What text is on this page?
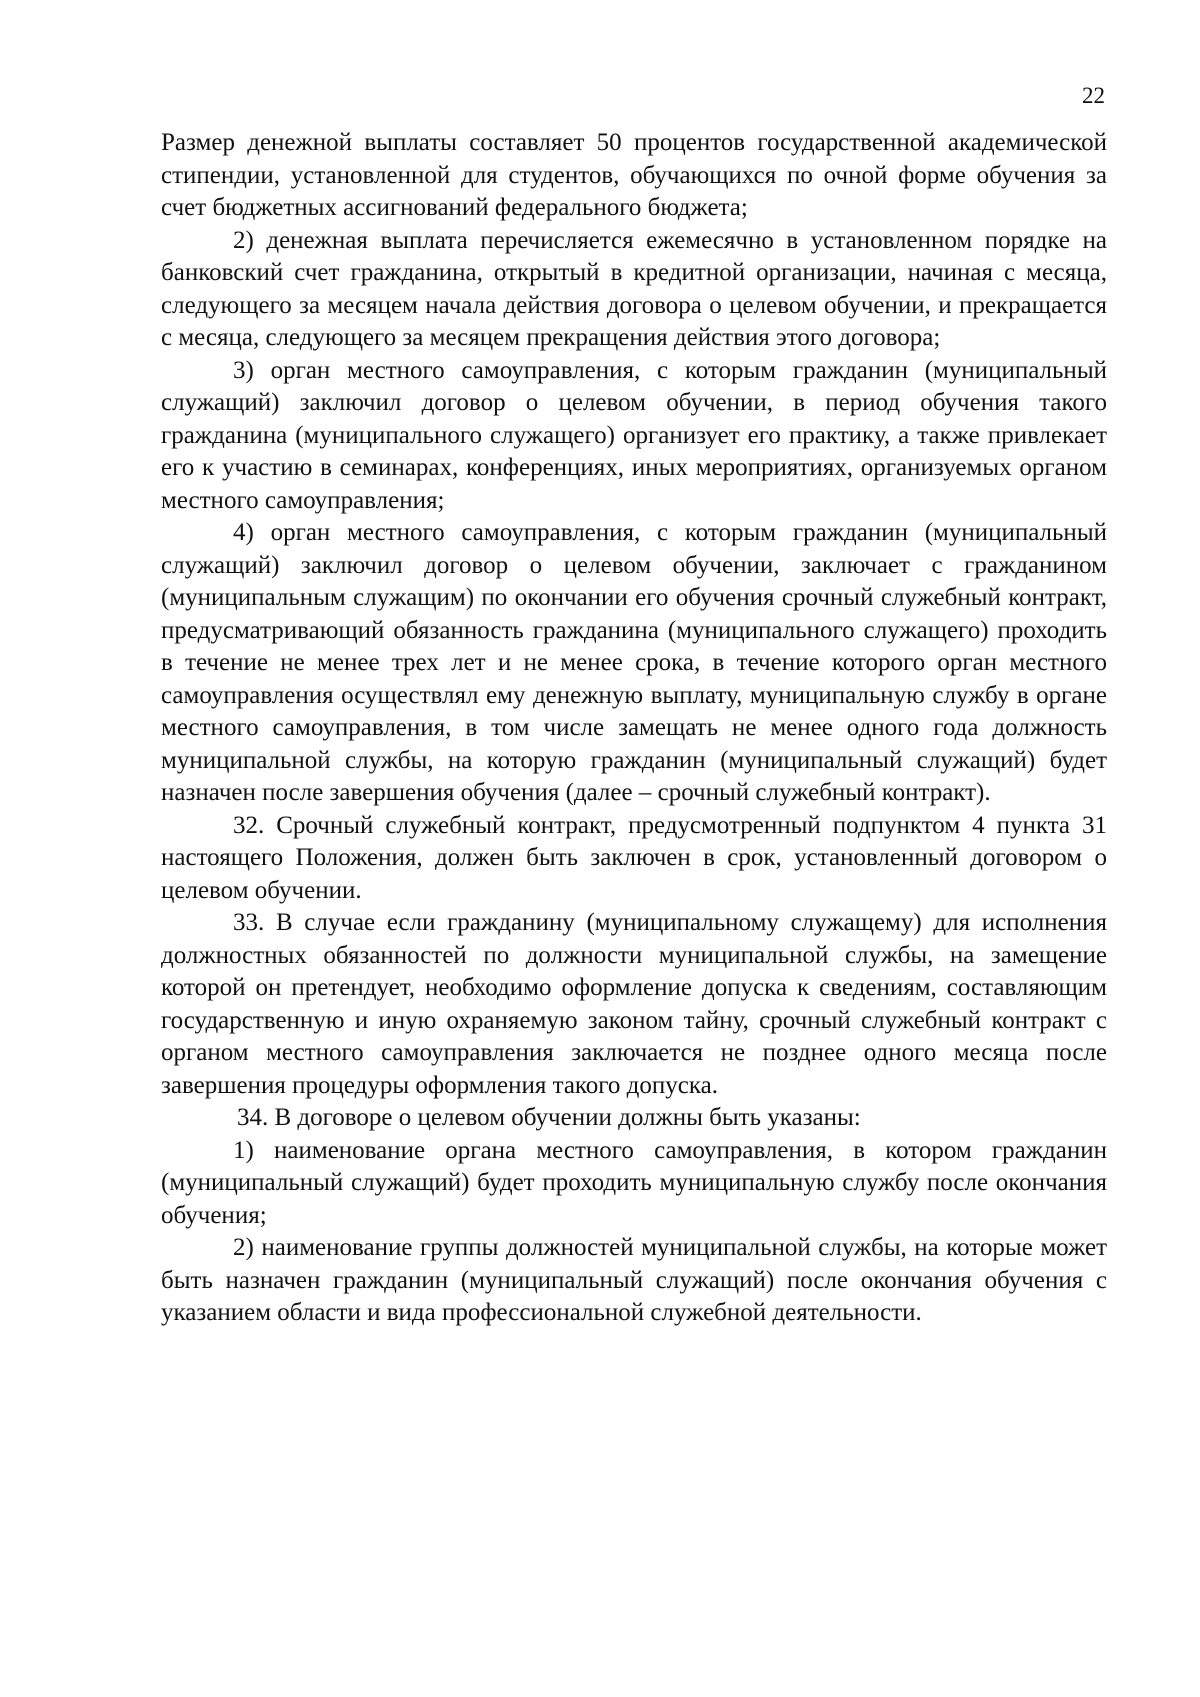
22

Размер денежной выплаты составляет 50 процентов государственной академической стипендии, установленной для студентов, обучающихся по очной форме обучения за счет бюджетных ассигнований федерального бюджета;

2) денежная выплата перечисляется ежемесячно в установленном порядке на банковский счет гражданина, открытый в кредитной организации, начиная с месяца, следующего за месяцем начала действия договора о целевом обучении, и прекращается с месяца, следующего за месяцем прекращения действия этого договора;

3) орган местного самоуправления, с которым гражданин (муниципальный служащий) заключил договор о целевом обучении, в период обучения такого гражданина (муниципального служащего) организует его практику, а также привлекает его к участию в семинарах, конференциях, иных мероприятиях, организуемых органом местного самоуправления;

4) орган местного самоуправления, с которым гражданин (муниципальный служащий) заключил договор о целевом обучении, заключает с гражданином (муниципальным служащим) по окончании его обучения срочный служебный контракт, предусматривающий обязанность гражданина (муниципального служащего) проходить в течение не менее трех лет и не менее срока, в течение которого орган местного самоуправления осуществлял ему денежную выплату, муниципальную службу в органе местного самоуправления, в том числе замещать не менее одного года должность муниципальной службы, на которую гражданин (муниципальный служащий) будет назначен после завершения обучения (далее – срочный служебный контракт).

32. Срочный служебный контракт, предусмотренный подпунктом 4 пункта 31 настоящего Положения, должен быть заключен в срок, установленный договором о целевом обучении.

33. В случае если гражданину (муниципальному служащему) для исполнения должностных обязанностей по должности муниципальной службы, на замещение которой он претендует, необходимо оформление допуска к сведениям, составляющим государственную и иную охраняемую законом тайну, срочный служебный контракт с органом местного самоуправления заключается не позднее одного месяца после завершения процедуры оформления такого допуска.

34. В договоре о целевом обучении должны быть указаны:

1) наименование органа местного самоуправления, в котором гражданин (муниципальный служащий) будет проходить муниципальную службу после окончания обучения;

2) наименование группы должностей муниципальной службы, на которые может быть назначен гражданин (муниципальный служащий) после окончания обучения с указанием области и вида профессиональной служебной деятельности.
